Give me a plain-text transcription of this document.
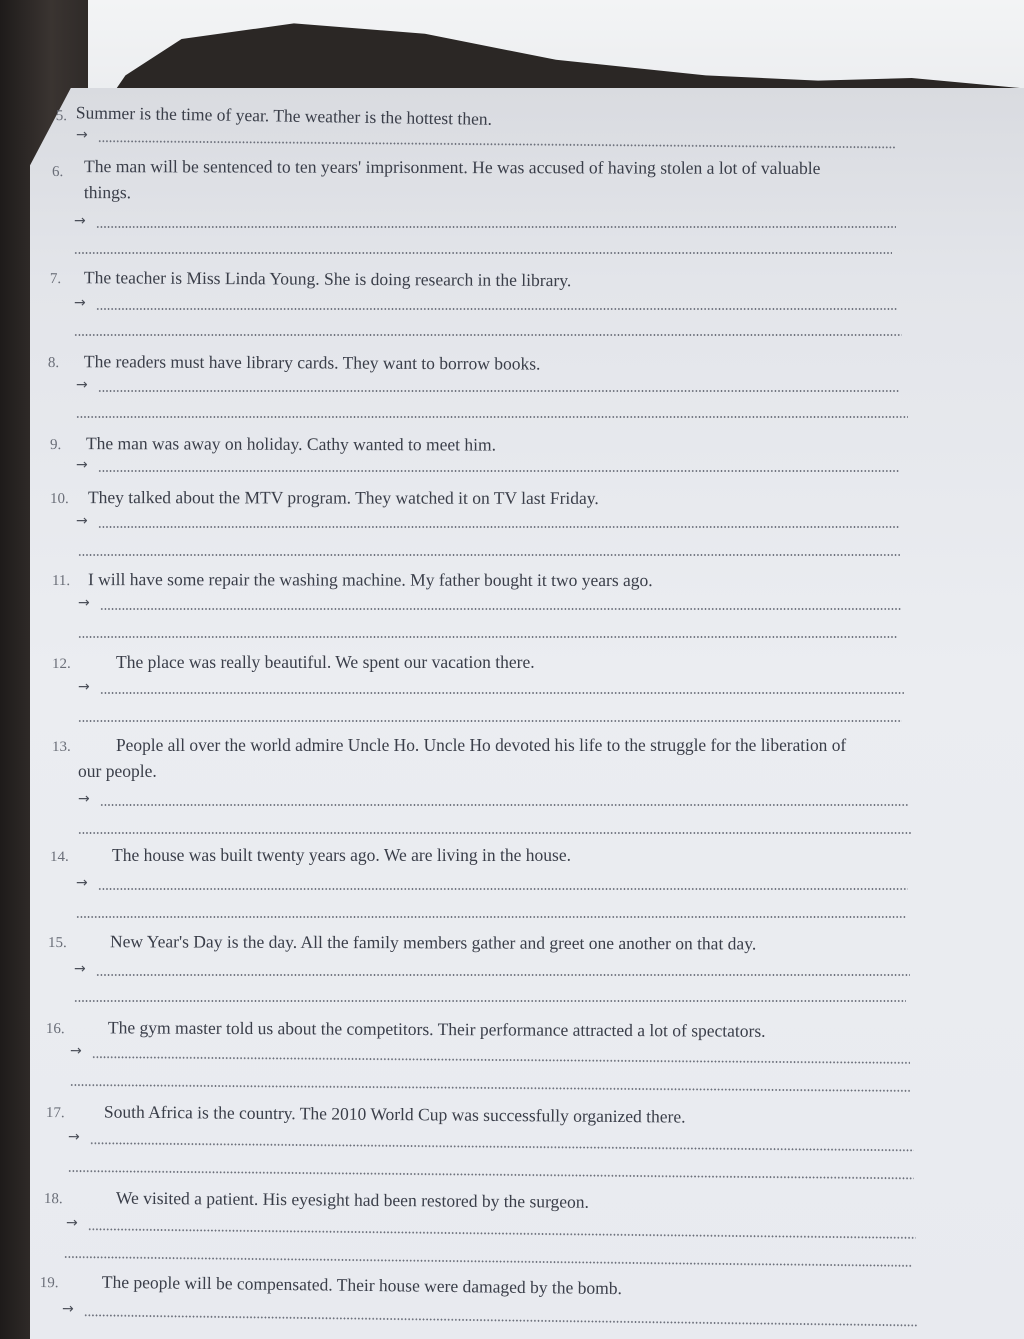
5. Summer is the time of year. The weather is the hottest then.
→
6. The man will be sentenced to ten years' imprisonment. He was accused of having stolen a lot of valuable
things.
→
7. The teacher is Miss Linda Young. She is doing research in the library.
→
8. The readers must have library cards. They want to borrow books.
→
9. The man was away on holiday. Cathy wanted to meet him.
→
10. They talked about the MTV program. They watched it on TV last Friday.
→
11. I will have some repair the washing machine. My father bought it two years ago.
→
12.	The place was really beautiful. We spent our vacation there.
→
13.	People all over the world admire Uncle Ho. Uncle Ho devoted his life to the struggle for the liberation of
our people.
→
14. The house was built twenty years ago. We are living in the house.
→
15. New Year's Day is the day. All the family members gather and greet one another on that day.
→
16. The gym master told us about the competitors. Their performance attracted a lot of spectators.
→
17. South Africa is the country. The 2010 World Cup was successfully organized there.
→
18.	We visited a patient. His eyesight had been restored by the surgeon.
→
19. The people will be compensated. Their house were damaged by the bomb.
→
